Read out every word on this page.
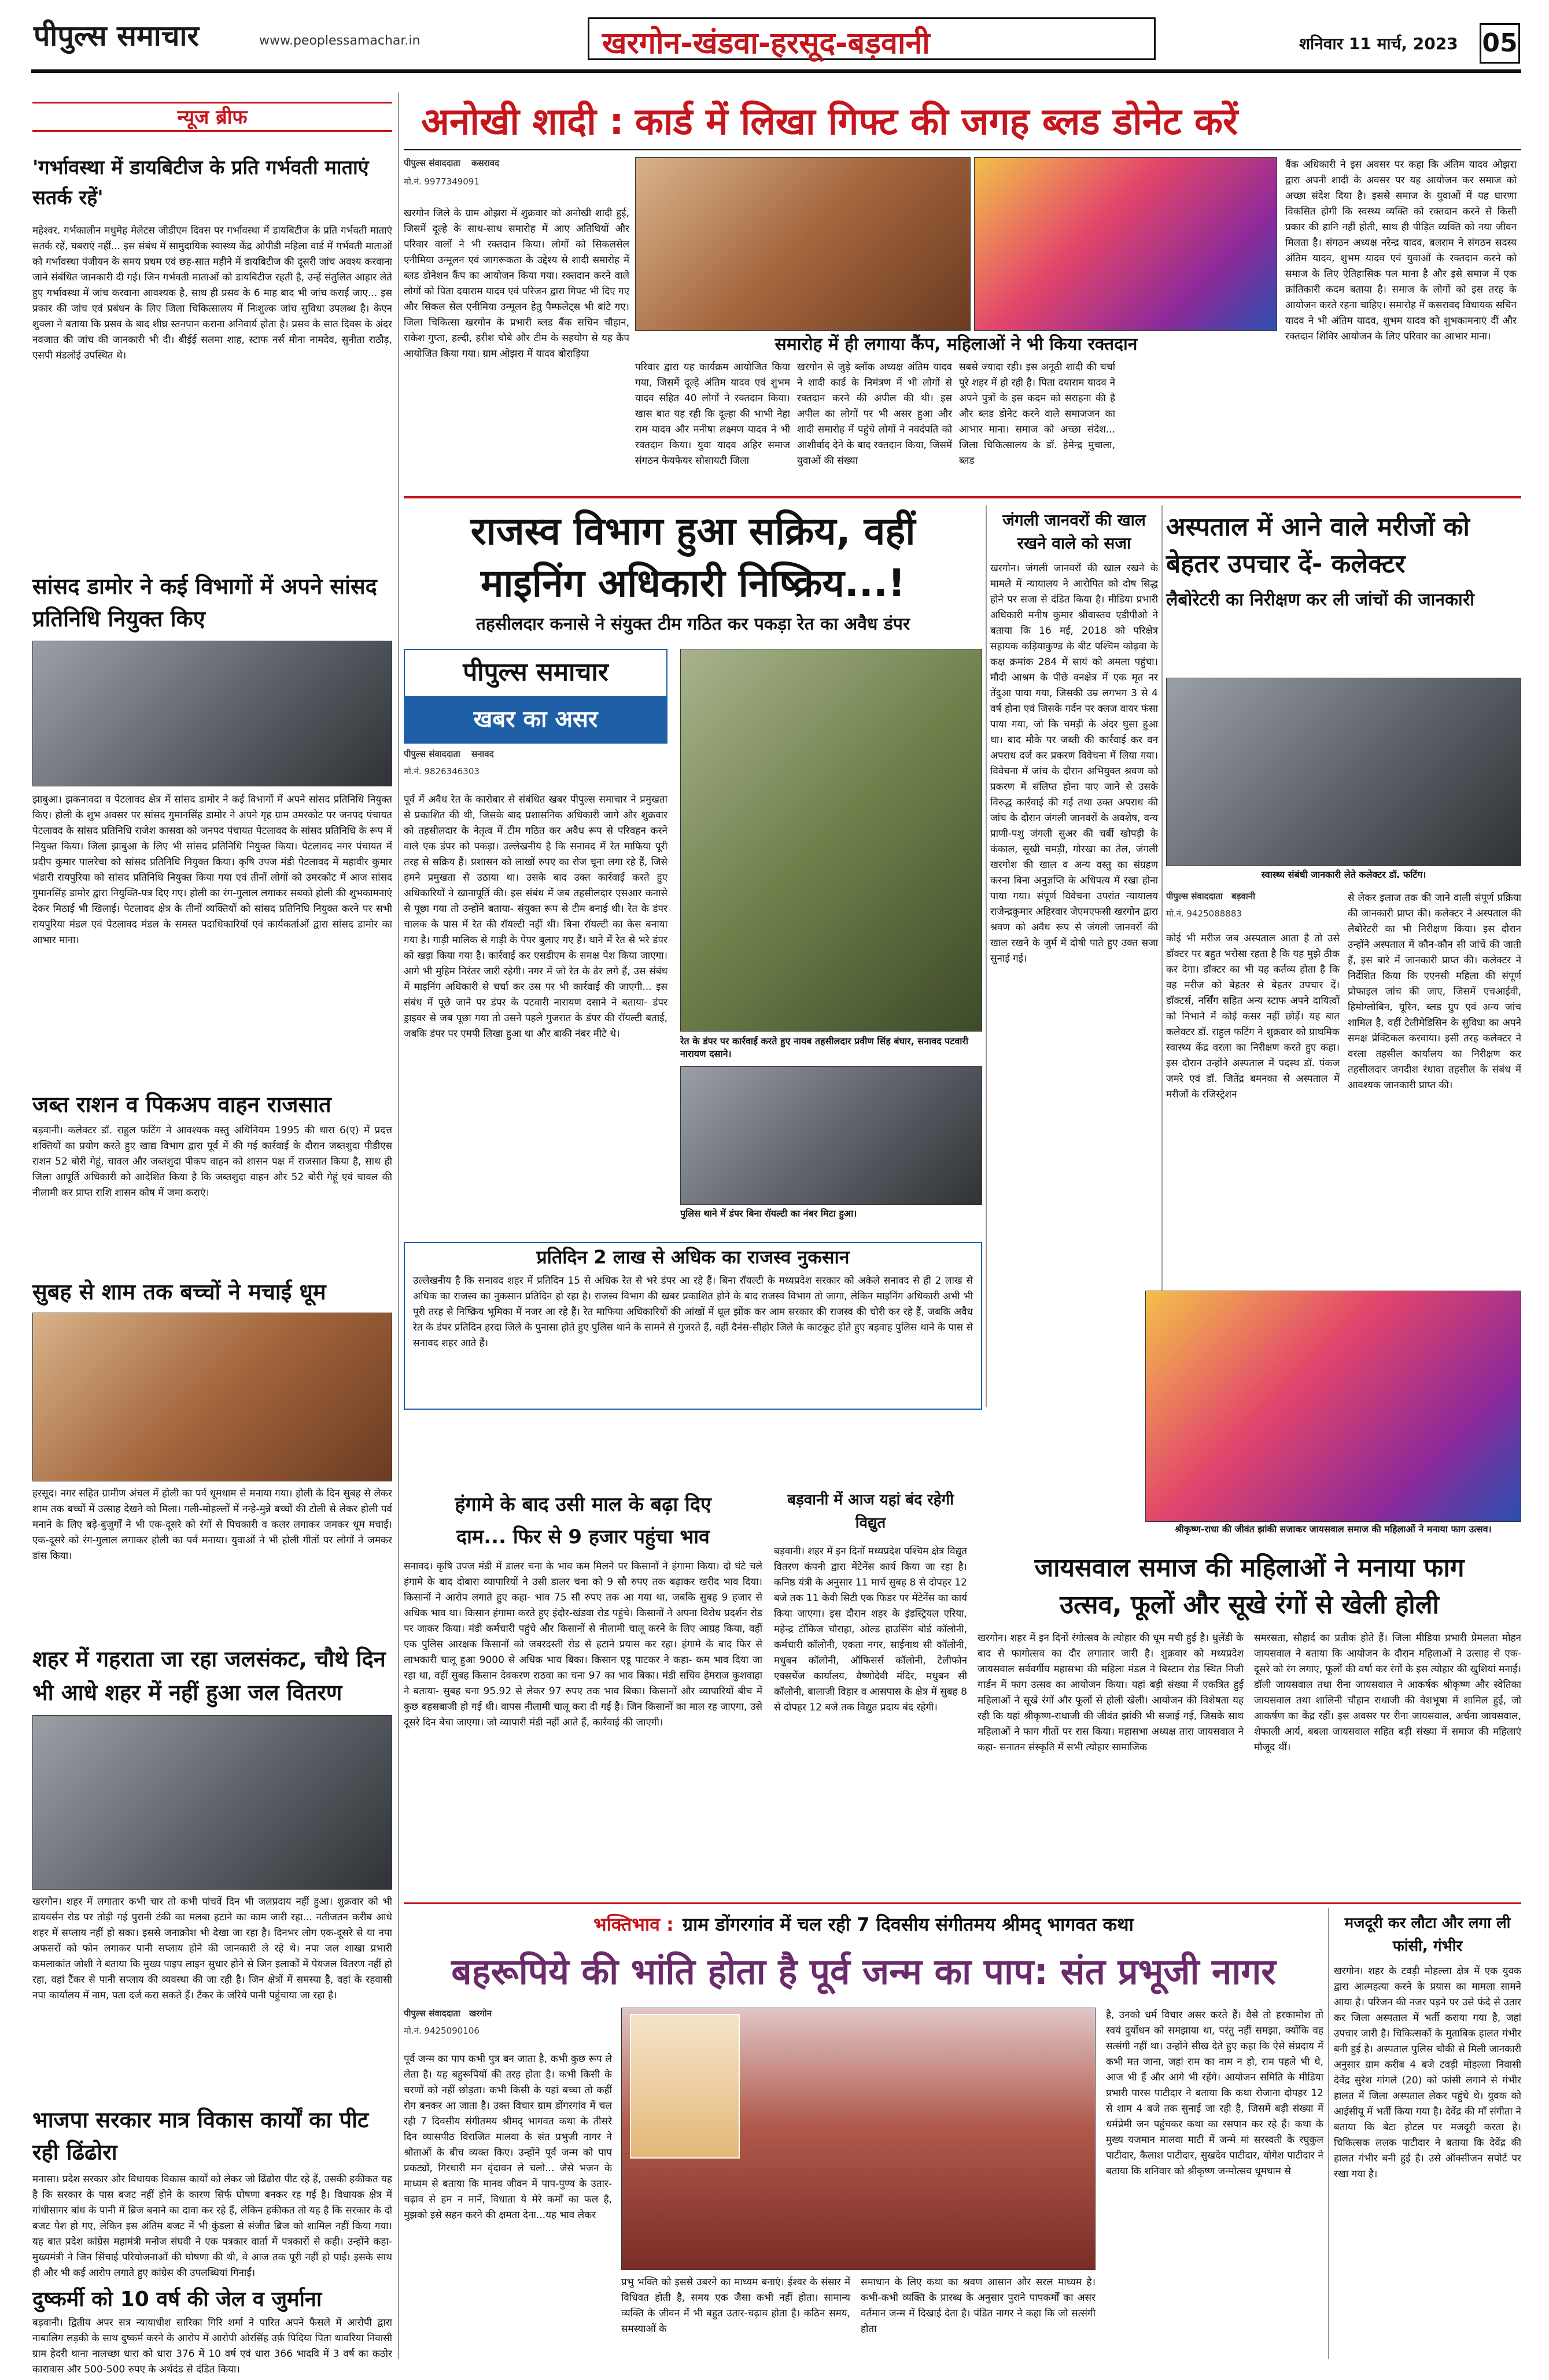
पीपुल्स समाचार	www.peoplessamachar.in	खरगोन-खंडवा-हरसूद-बड़वानी	शनिवार 11 मार्च, 2023 05
न्यूज ब्रीफ
'गर्भावस्था में डायबिटीज के प्रति गर्भवती माताएं सतर्क रहें'
महेश्वर. गर्भकालीन मधुमेह मेलेटस जीडीएम दिवस पर गर्भावस्था में डायबिटीज के प्रति गर्भवती माताएं सतर्क रहें, घबराएं नहीं... इस संबंध में सामुदायिक स्वास्थ्य केंद्र ओपीडी महिला वार्ड में गर्भवती माताओं को गर्भावस्था पंजीयन के समय प्रथम एवं छह-सात महीने में डायबिटीज की दूसरी जांच अवश्य करवाना जाने संबंधित जानकारी दी गई। जिन गर्भवती माताओं को डायबिटीज रहती है, उन्हें संतुलित आहार लेते हुए गर्भावस्था में जांच करवाना आवश्यक है, साथ ही प्रसव के 6 माह बाद भी जांच कराई जाए... इस प्रकार की जांच एवं प्रबंधन के लिए जिला चिकित्सालय में निःशुल्क जांच सुविधा उपलब्ध है। केएन शुक्ला ने बताया कि प्रसव के बाद शीघ्र स्तनपान कराना अनिवार्य होता है। प्रसव के सात दिवस के अंदर नवजात की जांच की जानकारी भी दी। बीईई सलमा शाह, स्टाफ नर्स मीना नामदेव, सुनीता राठौड़, एसपी मंडलोई उपस्थित थे।
सांसद डामोर ने कई विभागों में अपने सांसद प्रतिनिधि नियुक्त किए
झाबुआ। झकनावदा व पेटलावद क्षेत्र में सांसद डामोर ने कई विभागों में अपने सांसद प्रतिनिधि नियुक्त किए। होली के शुभ अवसर पर सांसद गुमानसिंह डामोर ने अपने गृह ग्राम उमरकोट पर जनपद पंचायत पेटलावद के सांसद प्रतिनिधि राजेश कासवा को जनपद पंचायत पेटलावद के सांसद प्रतिनिधि के रूप में नियुक्त किया। जिला झाबुआ के लिए भी सांसद प्रतिनिधि नियुक्त किया। पेटलावद नगर पंचायत में प्रदीप कुमार पालरेचा को सांसद प्रतिनिधि नियुक्त किया। कृषि उपज मंडी पेटलावद में महावीर कुमार भंडारी रायपुरिया को सांसद प्रतिनिधि नियुक्त किया गया एवं तीनों लोगों को उमरकोट में आज सांसद गुमानसिंह डामोर द्वारा नियुक्ति-पत्र दिए गए। होली का रंग-गुलाल लगाकर सबको होली की शुभकामनाएं देकर मिठाई भी खिलाई। पेटलावद क्षेत्र के तीनों व्यक्तियों को सांसद प्रतिनिधि नियुक्त करने पर सभी रायपुरिया मंडल एवं पेटलावद मंडल के समस्त पदाधिकारियों एवं कार्यकर्ताओं द्वारा सांसद डामोर का आभार माना।
जब्त राशन व पिकअप वाहन राजसात
बड़वानी। कलेक्टर डॉ. राहुल फटिंग ने आवश्यक वस्तु अधिनियम 1995 की धारा 6(ए) में प्रदत्त शक्तियों का प्रयोग करते हुए खाद्य विभाग द्वारा पूर्व में की गई कार्रवाई के दौरान जब्तशुदा पीडीएस राशन 52 बोरी गेहूं, चावल और जब्तशुदा पीकप वाहन को शासन पक्ष में राजसात किया है, साथ ही जिला आपूर्ति अधिकारी को आदेशित किया है कि जब्तशुदा वाहन और 52 बोरी गेहूं एवं चावल की नीलामी कर प्राप्त राशि शासन कोष में जमा कराएं।
सुबह से शाम तक बच्चों ने मचाई धूम
हरसूद। नगर सहित ग्रामीण अंचल में होली का पर्व धूमधाम से मनाया गया। होली के दिन सुबह से लेकर शाम तक बच्चों में उत्साह देखने को मिला। गली-मोहल्लों में नन्हे-मुन्ने बच्चों की टोली से लेकर होली पर्व मनाने के लिए बड़े-बुजुर्गों ने भी एक-दूसरे को रंगों से पिचकारी व कलर लगाकर जमकर धूम मचाई। एक-दूसरे को रंग-गुलाल लगाकर होली का पर्व मनाया। युवाओं ने भी होली गीतों पर लोगों ने जमकर डांस किया।
शहर में गहराता जा रहा जलसंकट, चौथे दिन भी आधे शहर में नहीं हुआ जल वितरण
खरगोन। शहर में लगातार कभी चार तो कभी पांचवें दिन भी जलप्रदाय नहीं हुआ। शुक्रवार को भी डायवर्सन रोड पर तोड़ी गई पुरानी टंकी का मलबा हटाने का काम जारी रहा... नतीजतन करीब आधे शहर में सप्लाय नहीं हो सका। इससे जनाक्रोश भी देखा जा रहा है। दिनभर लोग एक-दूसरे से या नपा अफसरों को फोन लगाकर पानी सप्लाय होने की जानकारी ले रहे थे। नपा जल शाखा प्रभारी कमलाकांत जोशी ने बताया कि मुख्य पाइप लाइन सुधार होने से जिन इलाकों में पेयजल वितरण नहीं हो रहा, वहां टैंकर से पानी सप्लाय की व्यवस्था की जा रही है। जिन क्षेत्रों में समस्या है, वहां के रहवासी नपा कार्यालय में नाम, पता दर्ज करा सकते हैं। टैंकर के जरिये पानी पहुंचाया जा रहा है।
भाजपा सरकार मात्र विकास कार्यों का पीट रही ढिंढोरा
मनासा। प्रदेश सरकार और विधायक विकास कार्यों को लेकर जो ढिंढोरा पीट रहे हैं, उसकी हकीकत यह है कि सरकार के पास बजट नहीं होने के कारण सिर्फ घोषणा बनकर रह गई है। विधायक क्षेत्र में गांधीसागर बांध के पानी में ब्रिज बनाने का दावा कर रहे हैं, लेकिन हकीकत तो यह है कि सरकार के दो बजट पेश हो गए, लेकिन इस अंतिम बजट में भी कुंडला से संजीत ब्रिज को शामिल नहीं किया गया। यह बात प्रदेश कांग्रेस महामंत्री मनोज संघवी ने एक पत्रकार वार्ता में पत्रकारों से कही। उन्होंने कहा- मुख्यमंत्री ने जिन सिंचाई परियोजनाओं की घोषणा की थी, वे आज तक पूरी नहीं हो पाईं। इसके साथ ही और भी कई आरोप लगाते हुए कांग्रेस की उपलब्धियां गिनाईं।
दुष्कर्मी को 10 वर्ष की जेल व जुर्माना
बड़वानी। द्वितीय अपर सत्र न्यायाधीश सारिका गिरि शर्मा ने पारित अपने फैसले में आरोपी द्वारा नाबालिग लड़की के साथ दुष्कर्म करने के आरोप में आरोपी ओरसिंह उर्फ़ पिदिया पिता थावरिया निवासी ग्राम हेदरी थाना नालच्छा धारा को धारा 376 में 10 वर्ष एवं धारा 366 भादवि में 3 वर्ष का कठोर कारावास और 500-500 रुपए के अर्थदंड से दंडित किया।
अनोखी शादी : कार्ड में लिखा गिफ्ट की जगह ब्लड डोनेट करें
पीपुल्स संवाददाता कसरावद
मो.नं. 9977349091
खरगोन जिले के ग्राम ओझरा में शुक्रवार को अनोखी शादी हुई, जिसमें दूल्हे के साथ-साथ समारोह में आए अतिथियों और परिवार वालों ने भी रक्तदान किया। लोगों को सिकलसेल एनीमिया उन्मूलन एवं जागरूकता के उद्देश्य से शादी समारोह में ब्लड डोनेशन कैंप का आयोजन किया गया। रक्तदान करने वाले लोगों को पिता दयाराम यादव एवं परिजन द्वारा गिफ्ट भी दिए गए और सिकल सेल एनीमिया उन्मूलन हेतु पैम्फलेट्स भी बांटे गए। जिला चिकित्सा खरगोन के प्रभारी ब्लड बैंक सचिन चौहान, राकेश गुप्ता, हल्दी, हरीश चौबे और टीम के सहयोग से यह कैंप आयोजित किया गया। ग्राम ओझरा में यादव बोराड़िया	समारोह में ही लगाया कैंप, महिलाओं ने भी किया रक्तदान
परिवार द्वारा यह कार्यक्रम आयोजित किया गया, जिसमें दूल्हे अंतिम यादव एवं शुभम यादव सहित 40 लोगों ने रक्तदान किया। खास बात यह रही कि दूल्हा की भाभी नेहा राम यादव और मनीषा लक्ष्मण यादव ने भी रक्तदान किया। युवा यादव अहिर समाज संगठन फेयफेयर सोसायटी जिला
खरगोन से जुड़े ब्लॉक अध्यक्ष अंतिम यादव ने शादी कार्ड के निमंत्रण में भी लोगों से रक्तदान करने की अपील की थी। इस अपील का लोगों पर भी असर हुआ और शादी समारोह में पहुंचे लोगों ने नवदंपति को आशीर्वाद देने के बाद रक्तदान किया, जिसमें युवाओं की संख्या
सबसे ज्यादा रही। इस अनूठी शादी की चर्चा पूरे शहर में हो रही है। पिता दयाराम यादव ने अपने पुत्रों के इस कदम को सराहना की है और ब्लड डोनेट करने वाले समाजजन का आभार माना। समाज को अच्छा संदेश... जिला चिकित्सालय के डॉ. हेमेन्द्र मुचाला, ब्लड
बैंक अधिकारी ने इस अवसर पर कहा कि अंतिम यादव ओझरा द्वारा अपनी शादी के अवसर पर यह आयोजन कर समाज को अच्छा संदेश दिया है। इससे समाज के युवाओं में यह धारणा विकसित होगी कि स्वस्थ्य व्यक्ति को रक्तदान करने से किसी प्रकार की हानि नहीं होती, साथ ही पीड़ित व्यक्ति को नया जीवन मिलता है। संगठन अध्यक्ष नरेन्द्र यादव, बलराम ने संगठन सदस्य अंतिम यादव, शुभम यादव एवं युवाओं के रक्तदान करने को समाज के लिए ऐतिहासिक पल माना है और इसे समाज में एक क्रांतिकारी कदम बताया है। समाज के लोगों को इस तरह के आयोजन करते रहना चाहिए। समारोह में कसरावद विधायक सचिन यादव ने भी अंतिम यादव, शुभम यादव को शुभकामनाएं दीं और रक्तदान शिविर आयोजन के लिए परिवार का आभार माना।
राजस्व विभाग हुआ सक्रिय, वहीं
माइनिंग अधिकारी निष्क्रिय...!
तहसीलदार कनासे ने संयुक्त टीम गठित कर पकड़ा रेत का अवैध डंपर
पीपुल्स समाचार
खबर का असर
पीपुल्स संवाददाता सनावद
मो.नं. 9826346303
पूर्व में अवैध रेत के कारोबार से संबंधित खबर पीपुल्स समाचार ने प्रमुखता से प्रकाशित की थी, जिसके बाद प्रशासनिक अधिकारी जागे और शुक्रवार को तहसीलदार के नेतृत्व में टीम गठित कर अवैध रूप से परिवहन करने वाले एक डंपर को पकड़ा। उल्लेखनीय है कि सनावद में रेत माफिया पूरी तरह से सक्रिय हैं। प्रशासन को लाखों रुपए का रोज चूना लगा रहे हैं, जिसे हमने प्रमुखता से उठाया था। उसके बाद उक्त कार्रवाई करते हुए अधिकारियों ने खानापूर्ति की। इस संबंध में जब तहसीलदार एसआर कनासे से पूछा गया तो उन्होंने बताया- संयुक्त रूप से टीम बनाई थी। रेत के डंपर चालक के पास में रेत की रॉयल्टी नहीं थी। बिना रॉयल्टी का केस बनाया गया है। गाड़ी मालिक से गाड़ी के पेपर बुलाए गए हैं। थाने में रेत से भरे डंपर को खड़ा किया गया है। कार्रवाई कर एसडीएम के समक्ष पेश किया जाएगा। आगे भी मुहिम निरंतर जारी रहेगी। नगर में जो रेत के ढेर लगे हैं, उस संबंध में माइनिंग अधिकारी से चर्चा कर उस पर भी कार्रवाई की जाएगी... इस संबंध में पूछे जाने पर डंपर के पटवारी नारायण दसाने ने बताया- डंपर ड्राइवर से जब पूछा गया तो उसने पहले गुजरात के डंपर की रॉयल्टी बताई, जबकि डंपर पर एमपी लिखा हुआ था और बाकी नंबर मीटे थे।
रेत के डंपर पर कार्रवाई करते हुए नायब तहसीलदार प्रवीण सिंह बंघार, सनावद पटवारी नारायण दसाने।
पुलिस थाने में डंपर बिना रॉयल्टी का नंबर मिटा हुआ।
प्रतिदिन 2 लाख से अधिक का राजस्व नुकसान
उल्लेखनीय है कि सनावद शहर में प्रतिदिन 15 से अधिक रेत से भरे डंपर आ रहे हैं। बिना रॉयल्टी के मध्यप्रदेश सरकार को अकेले सनावद से ही 2 लाख से अधिक का राजस्व का नुकसान प्रतिदिन हो रहा है। राजस्व विभाग की खबर प्रकाशित होने के बाद राजस्व विभाग तो जागा, लेकिन माइनिंग अधिकारी अभी भी पूरी तरह से निष्क्रिय भूमिका में नजर आ रहे हैं। रेत माफिया अधिकारियों की आंखों में धूल झोंक कर आम सरकार की राजस्व की चोरी कर रहे हैं, जबकि अवैध रेत के डंपर प्रतिदिन हरदा जिले के पुनासा होते हुए पुलिस थाने के सामने से गुजरते हैं, वहीं दैनंस-सीहोर जिले के काटकूट होते हुए बड़वाह पुलिस थाने के पास से सनावद शहर आते हैं।
जंगली जानवरों की खाल रखने वाले को सजा
खरगोन। जंगली जानवरों की खाल रखने के मामले में न्यायालय ने आरोपित को दोष सिद्ध होने पर सजा से दंडित किया है। मीडिया प्रभारी अधिकारी मनीष कुमार श्रीवास्तव एडीपीओ ने बताया कि 16 मई, 2018 को परिक्षेत्र सहायक कड़ियाकुण्ड के बीट पश्चिम कोढ़वा के कक्ष क्रमांक 284 में सायं को अमला पहुंचा। मौदी आश्रम के पीछे वनक्षेत्र में एक मृत नर तेंदुआ पाया गया, जिसकी उम्र लगभग 3 से 4 वर्ष होना एवं जिसके गर्दन पर क्लज वायर फंसा पाया गया, जो कि चमड़ी के अंदर घुसा हुआ था। बाद मौके पर जब्ती की कार्रवाई कर वन अपराध दर्ज कर प्रकरण विवेचना में लिया गया। विवेचना में जांच के दौरान अभियुक्त श्रवण को प्रकरण में संलिप्त होना पाए जाने से उसके विरुद्ध कार्रवाई की गई तथा उक्त अपराध की जांच के दौरान जंगली जानवरों के अवशेष, वन्य प्राणी-पशु जंगली सुअर की चर्बी खोपड़ी के कंकाल, सूखी चमड़ी, गोरखा का तेल, जंगली खरगोश की खाल व अन्य वस्तु का संग्रहण करना बिना अनुज्ञप्ति के अधिपत्य में रखा होना पाया गया। संपूर्ण विवेचना उपरांत न्यायालय राजेन्द्रकुमार अहिरवार जेएमएफसी खरगोन द्वारा श्रवण को अवैध रूप से जंगली जानवरों की खाल रखने के जुर्म में दोषी पाते हुए उक्त सजा सुनाई गई।
अस्पताल में आने वाले मरीजों को बेहतर उपचार दें- कलेक्टर
लैबोरेटरी का निरीक्षण कर ली जांचों की जानकारी
स्वास्थ्य संबंधी जानकारी लेते कलेक्टर डॉ. फटिंग।
पीपुल्स संवाददाता बड़वानी
मो.नं. 9425088883
कोई भी मरीज जब अस्पताल आता है तो उसे डॉक्टर पर बहुत भरोसा रहता है कि यह मुझे ठीक कर देगा। डॉक्टर का भी यह कर्तव्य होता है कि वह मरीज को बेहतर से बेहतर उपचार दें। डॉक्टर्स, नर्सिंग सहित अन्य स्टाफ अपने दायित्वों को निभाने में कोई कसर नहीं छोड़ें। यह बात कलेक्टर डॉ. राहुल फटिंग ने शुक्रवार को प्राथमिक स्वास्थ्य केंद्र वरला का निरीक्षण करते हुए कहा। इस दौरान उन्होंने अस्पताल में पदस्थ डॉ. पंकज जमरे एवं डॉ. जितेंद्र बमनका से अस्पताल में मरीजों के रजिस्ट्रेशन
से लेकर इलाज तक की जाने वाली संपूर्ण प्रक्रिया की जानकारी प्राप्त की। कलेक्टर ने अस्पताल की लैबोरेटरी का भी निरीक्षण किया। इस दौरान उन्होंने अस्पताल में कौन-कौन सी जांचें की जाती हैं, इस बारे में जानकारी प्राप्त की। कलेक्टर ने निर्देशित किया कि एएनसी महिला की संपूर्ण प्रोफाइल जांच की जाए, जिसमें एचआईवी, हिमोग्लोबिन, यूरिन, ब्लड ग्रुप एवं अन्य जांच शामिल है, वहीं टेलीमेडिसिन के सुविधा का अपने समक्ष प्रेक्टिकल करवाया। इसी तरह कलेक्टर ने वरला तहसील कार्यालय का निरीक्षण कर तहसीलदार जगदीश रंधावा तहसील के संबंध में आवश्यक जानकारी प्राप्त की।
श्रीकृष्ण-राधा की जीवंत झांकी सजाकर जायसवाल समाज की महिलाओं ने मनाया फाग उत्सव।
हंगामे के बाद उसी माल के बढ़ा दिए
दाम... फिर से 9 हजार पहुंचा भाव
सनावद। कृषि उपज मंडी में डालर चना के भाव कम मिलने पर किसानों ने हंगामा किया। दो घंटे चले हंगामे के बाद दोबारा व्यापारियों ने उसी डालर चना को 9 सौ रुपए तक बढ़ाकर खरीद भाव दिया। किसानों ने आरोप लगाते हुए कहा- भाव 75 सौ रुपए तक आ गया था, जबकि सुबह 9 हजार से अधिक भाव था। किसान हंगामा करते हुए इंदौर-खंडवा रोड पहुंचे। किसानों ने अपना विरोध प्रदर्शन रोड पर जाकर किया। मंडी कर्मचारी पहुंचे और किसानों से नीलामी चालू करने के लिए आग्रह किया, वहीं एक पुलिस आरक्षक किसानों को जबरदस्ती रोड से हटाने प्रयास कर रहा। हंगामे के बाद फिर से लाभकारी चालू हुआ 9000 से अधिक भाव बिका। किसान एडू पाटकर ने कहा- कम भाव दिया जा रहा था, वहीं सुबह किसान देवकरण राठवा का चना 97 का भाव बिका। मंडी सचिव हेमराज कुशवाहा ने बताया- सुबह चना 95.92 से लेकर 97 रुपए तक भाव बिका। किसानों और व्यापारियों बीच में कुछ बहसबाजी हो गई थी। वापस नीलामी चालू करा दी गई है। जिन किसानों का माल रह जाएगा, उसे दूसरे दिन बेचा जाएगा। जो व्यापारी मंडी नहीं आते हैं, कार्रवाई की जाएगी।
बड़वानी में आज यहां बंद रहेगी विद्युत
बड़वानी। शहर में इन दिनों मध्यप्रदेश पश्चिम क्षेत्र विद्युत वितरण कंपनी द्वारा मेंटेनेंस कार्य किया जा रहा है। कनिष्ठ यंत्री के अनुसार 11 मार्च सुबह 8 से दोपहर 12 बजे तक 11 केवी सिटी एक फिडर पर मेंटेनेंस का कार्य किया जाएगा। इस दौरान शहर के इंडस्ट्रियल एरिया, महेन्द्र टॉकिज चौराहा, ओल्ड हाउसिंग बोर्ड कॉलोनी, कर्मचारी कॉलोनी, एकता नगर, साईनाथ सी कॉलोनी, मधुबन कॉलोनी, ऑफिसर्स कॉलोनी, टेलीफोन एक्सचेंज कार्यालय, वैष्णोदेवी मंदिर, मधुबन सी कॉलोनी, बालाजी विहार व आसपास के क्षेत्र में सुबह 8 से दोपहर 12 बजे तक विद्युत प्रदाय बंद रहेगी।
जायसवाल समाज की महिलाओं ने मनाया फाग
उत्सव, फूलों और सूखे रंगों से खेली होली
खरगोन। शहर में इन दिनों रंगोत्सव के त्योहार की धूम मची हुई है। धुलेंडी के बाद से फागोत्सव का दौर लगातार जारी है। शुक्रवार को मध्यप्रदेश जायसवाल सर्ववर्गीय महासभा की महिला मंडल ने बिस्टान रोड स्थित निजी गार्डन में फाग उत्सव का आयोजन किया। यहां बड़ी संख्या में एकत्रित हुई महिलाओं ने सूखे रंगों और फूलों से होली खेली। आयोजन की विशेषता यह रही कि यहां श्रीकृष्ण-राधाजी की जीवंत झांकी भी सजाई गई, जिसके साथ महिलाओं ने फाग गीतों पर रास किया। महासभा अध्यक्ष तारा जायसवाल ने कहा- सनातन संस्कृति में सभी त्योहार सामाजिक
समरसता, सौहार्द का प्रतीक होते हैं। जिला मीडिया प्रभारी प्रेमलता मोहन जायसवाल ने बताया कि आयोजन के दौरान महिलाओं ने उत्साह से एक-दूसरे को रंग लगाए, फूलों की वर्षा कर रंगों के इस त्योहार की खुशियां मनाईं। डॉली जायसवाल तथा रीना जायसवाल ने आकर्षक श्रीकृष्ण और स्वेतिका जायसवाल तथा शालिनी चौहान राधाजी की वेशभूषा में शामिल हुईं, जो आकर्षण का केंद्र रहीं। इस अवसर पर रीना जायसवाल, अर्चना जायसवाल, शेफाली आर्य, बबला जायसवाल सहित बड़ी संख्या में समाज की महिलाएं मौजूद थीं।
भक्तिभाव : ग्राम डोंगरगांव में चल रही 7 दिवसीय संगीतमय श्रीमद् भागवत कथा
बहरूपिये की भांति होता है पूर्व जन्म का पाप: संत प्रभूजी नागर
पीपुल्स संवाददाता खरगोन
मो.नं. 9425090106
पूर्व जन्म का पाप कभी पुत्र बन जाता है, कभी कुछ रूप ले लेता है। यह बहुरूपियों की तरह होता है। कभी किसी के चरणों को नहीं छोड़ता। कभी किसी के यहां बच्चा तो कहीं रोग बनकर आ जाता है। उक्त विचार ग्राम डोंगरगांव में चल रही 7 दिवसीय संगीतमय श्रीमद् भागवत कथा के तीसरे दिन व्यासपीठ विराजित मालवा के संत प्रभुजी नागर ने श्रोताओं के बीच व्यक्त किए। उन्होंने पूर्व जन्म को पाप प्रकट्यों, गिरधारी मन वृंदावन ले चलो... जैसे भजन के माध्यम से बताया कि मानव जीवन में पाप-पुण्य के उतार-चढ़ाव से हम न मानें, विधाता ये मेरे कर्मों का फल है, मुझको इसे सहन करने की क्षमता देना...यह भाव लेकर
प्रभु भक्ति को इससे उबरने का माध्यम बनाएं। ईश्वर के संसार में विधिवत होती है, समय एक जैसा कभी नहीं होता। सामान्य व्यक्ति के जीवन में भी बहुत उतार-चढ़ाव होता है। कठिन समय, समस्याओं के
समाधान के लिए कथा का श्रवण आसान और सरल माध्यम है। कभी-कभी व्यक्ति के प्रारब्ध के अनुसार पुराने पापकर्मों का असर वर्तमान जन्म में दिखाई देता है। पंडित नागर ने कहा कि जो सत्संगी होता
है, उनको धर्म विचार असर करते हैं। वैसे तो हरकामोश तो स्वयं दुर्योधन को समझाया था, परंतु नहीं समझा, क्योंकि वह सत्संगी नहीं था। उन्होंने सीख देते हुए कहा कि ऐसे संप्रदाय में कभी मत जाना, जहां राम का नाम न हो, राम पहले भी थे, आज भी हैं और आगे भी रहेंगे। आयोजन समिति के मीडिया प्रभारी पारस पाटीदार ने बताया कि कथा रोजाना दोपहर 12 से शाम 4 बजे तक सुनाई जा रही है, जिसमें बड़ी संख्या में धर्मप्रेमी जन पहुंचकर कथा का रसपान कर रहे हैं। कथा के मुख्य यजमान मालवा माटी में जन्मे मां सरस्वती के रघुकुल पाटीदार, कैलाश पाटीदार, सुखदेव पाटीदार, योगेश पाटीदार ने बताया कि शनिवार को श्रीकृष्ण जन्मोत्सव धूमधाम से
मजदूरी कर लौटा और लगा ली फांसी, गंभीर
खरगोन। शहर के टवड़ी मोहल्ला क्षेत्र में एक युवक द्वारा आत्महत्या करने के प्रयास का मामला सामने आया है। परिजन की नजर पड़ने पर उसे फंदे से उतार कर जिला अस्पताल में भर्ती कराया गया है, जहां उपचार जारी है। चिकित्सकों के मुताबिक हालत गंभीर बनी हुई है। अस्पताल पुलिस चौकी से मिली जानकारी अनुसार ग्राम करीब 4 बजे टवड़ी मोहल्ला निवासी देवेंद्र सुरेश गांगले (20) को फांसी लगाने से गंभीर हालत में जिला अस्पताल लेकर पहुंचे थे। युवक को आईसीयू में भर्ती किया गया है। देवेंद्र की माँ संगीता ने बताया कि बेटा होटल पर मजदूरी करता है। चिकित्सक ललक पाटीदार ने बताया कि देवेंद्र की हालत गंभीर बनी हुई है। उसे ऑक्सीजन सपोर्ट पर रखा गया है।
